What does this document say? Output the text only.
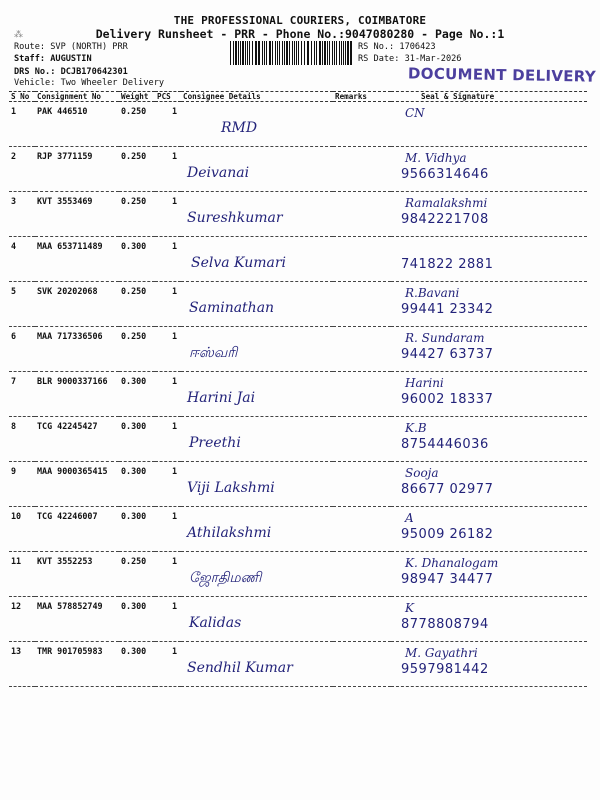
⁂
THE PROFESSIONAL COURIERS, COIMBATORE
Delivery Runsheet - PRR - Phone No.:9047080280 - Page No.:1
Route: SVP (NORTH) PRR
Staff: AUGUSTIN
DRS No.: DCJB170642301
Vehicle: Two Wheeler Delivery
RS No.: 1706423
RS Date: 31-Mar-2026
DOCUMENT DELIVERY
S No	Consignment No	Weight	PCS	Consignee Details	Remarks	Seal & Signature
1	PAK 446510	0.250	1	RMD		CN

2	RJP 3771159	0.250	1	Deivanai		M. Vidhya
9566314646

3	KVT 3553469	0.250	1	Sureshkumar		Ramalakshmi
9842221708

4	MAA 653711489	0.300	1	Selva Kumari		741822 2881

5	SVK 20202068	0.250	1	Saminathan		R.Bavani
99441 23342

6	MAA 717336506	0.250	1	ஈஸ்வரி		R. Sundaram
94427 63737

7	BLR 9000337166	0.300	1	Harini Jai		Harini
96002 18337

8	TCG 42245427	0.300	1	Preethi		K.B
8754446036

9	MAA 9000365415	0.300	1	Viji Lakshmi		Sooja
86677 02977

10	TCG 42246007	0.300	1	Athilakshmi		A
95009 26182

11	KVT 3552253	0.250	1	ஜோதிமணி		K. Dhanalogam
98947 34477

12	MAA 578852749	0.300	1	Kalidas		K
8778808794

13	TMR 901705983	0.300	1	Sendhil Kumar		M. Gayathri
9597981442
